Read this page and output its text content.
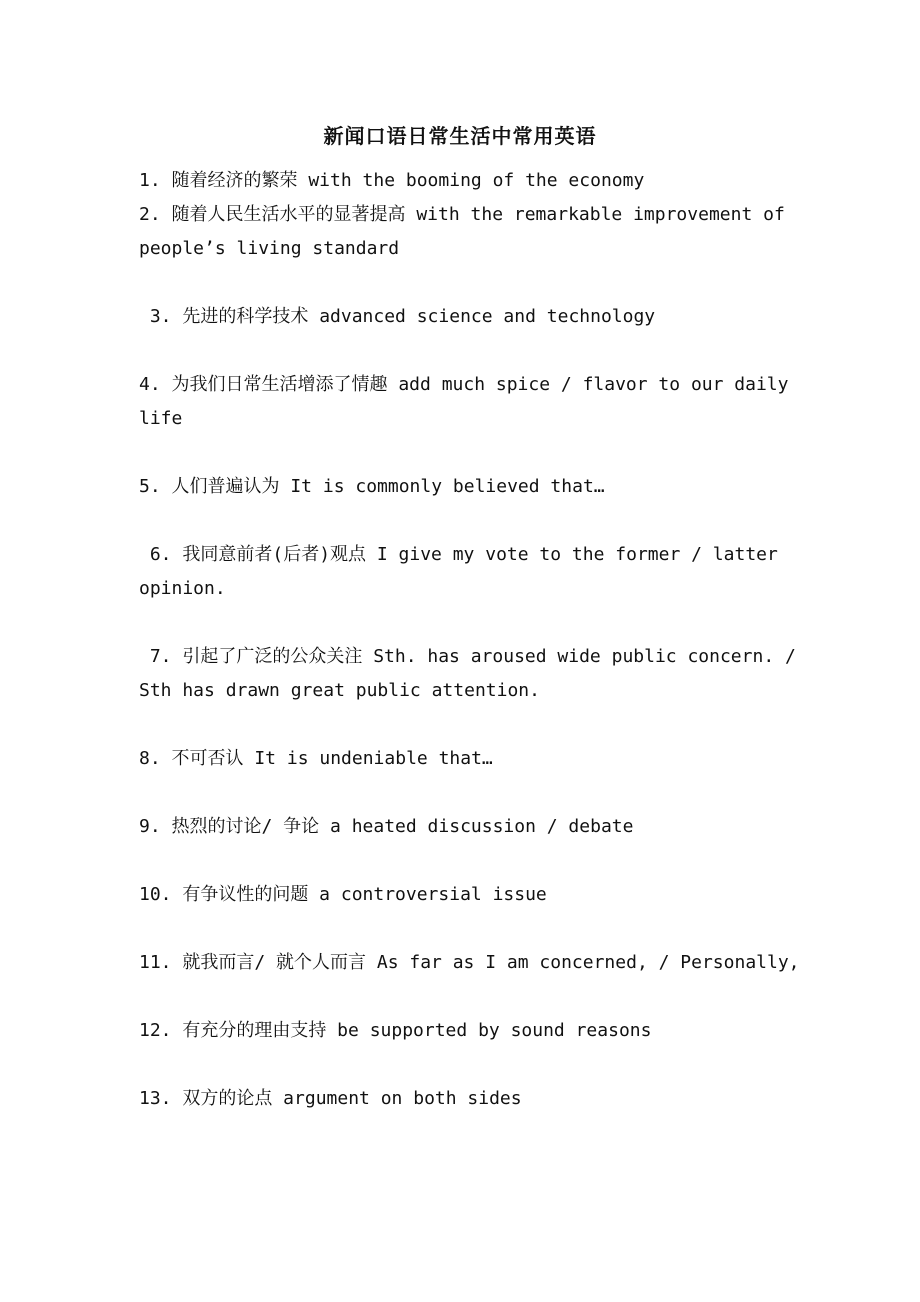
新闻口语日常生活中常用英语

1. 随着经济的繁荣 with the booming of the economy

2. 随着人民生活水平的显著提高 with the remarkable improvement of people’s living standard

3. 先进的科学技术 advanced science and technology

4. 为我们日常生活增添了情趣 add much spice / flavor to our daily life

5. 人们普遍认为 It is commonly believed that…

6. 我同意前者(后者)观点 I give my vote to the former / latter opinion.

7. 引起了广泛的公众关注 Sth. has aroused wide public concern. / Sth has drawn great public attention.

8. 不可否认 It is undeniable that…

9. 热烈的讨论/ 争论 a heated discussion / debate

10. 有争议性的问题 a controversial issue

11. 就我而言/ 就个人而言 As far as I am concerned, / Personally,

12. 有充分的理由支持 be supported by sound reasons

13. 双方的论点 argument on both sides
